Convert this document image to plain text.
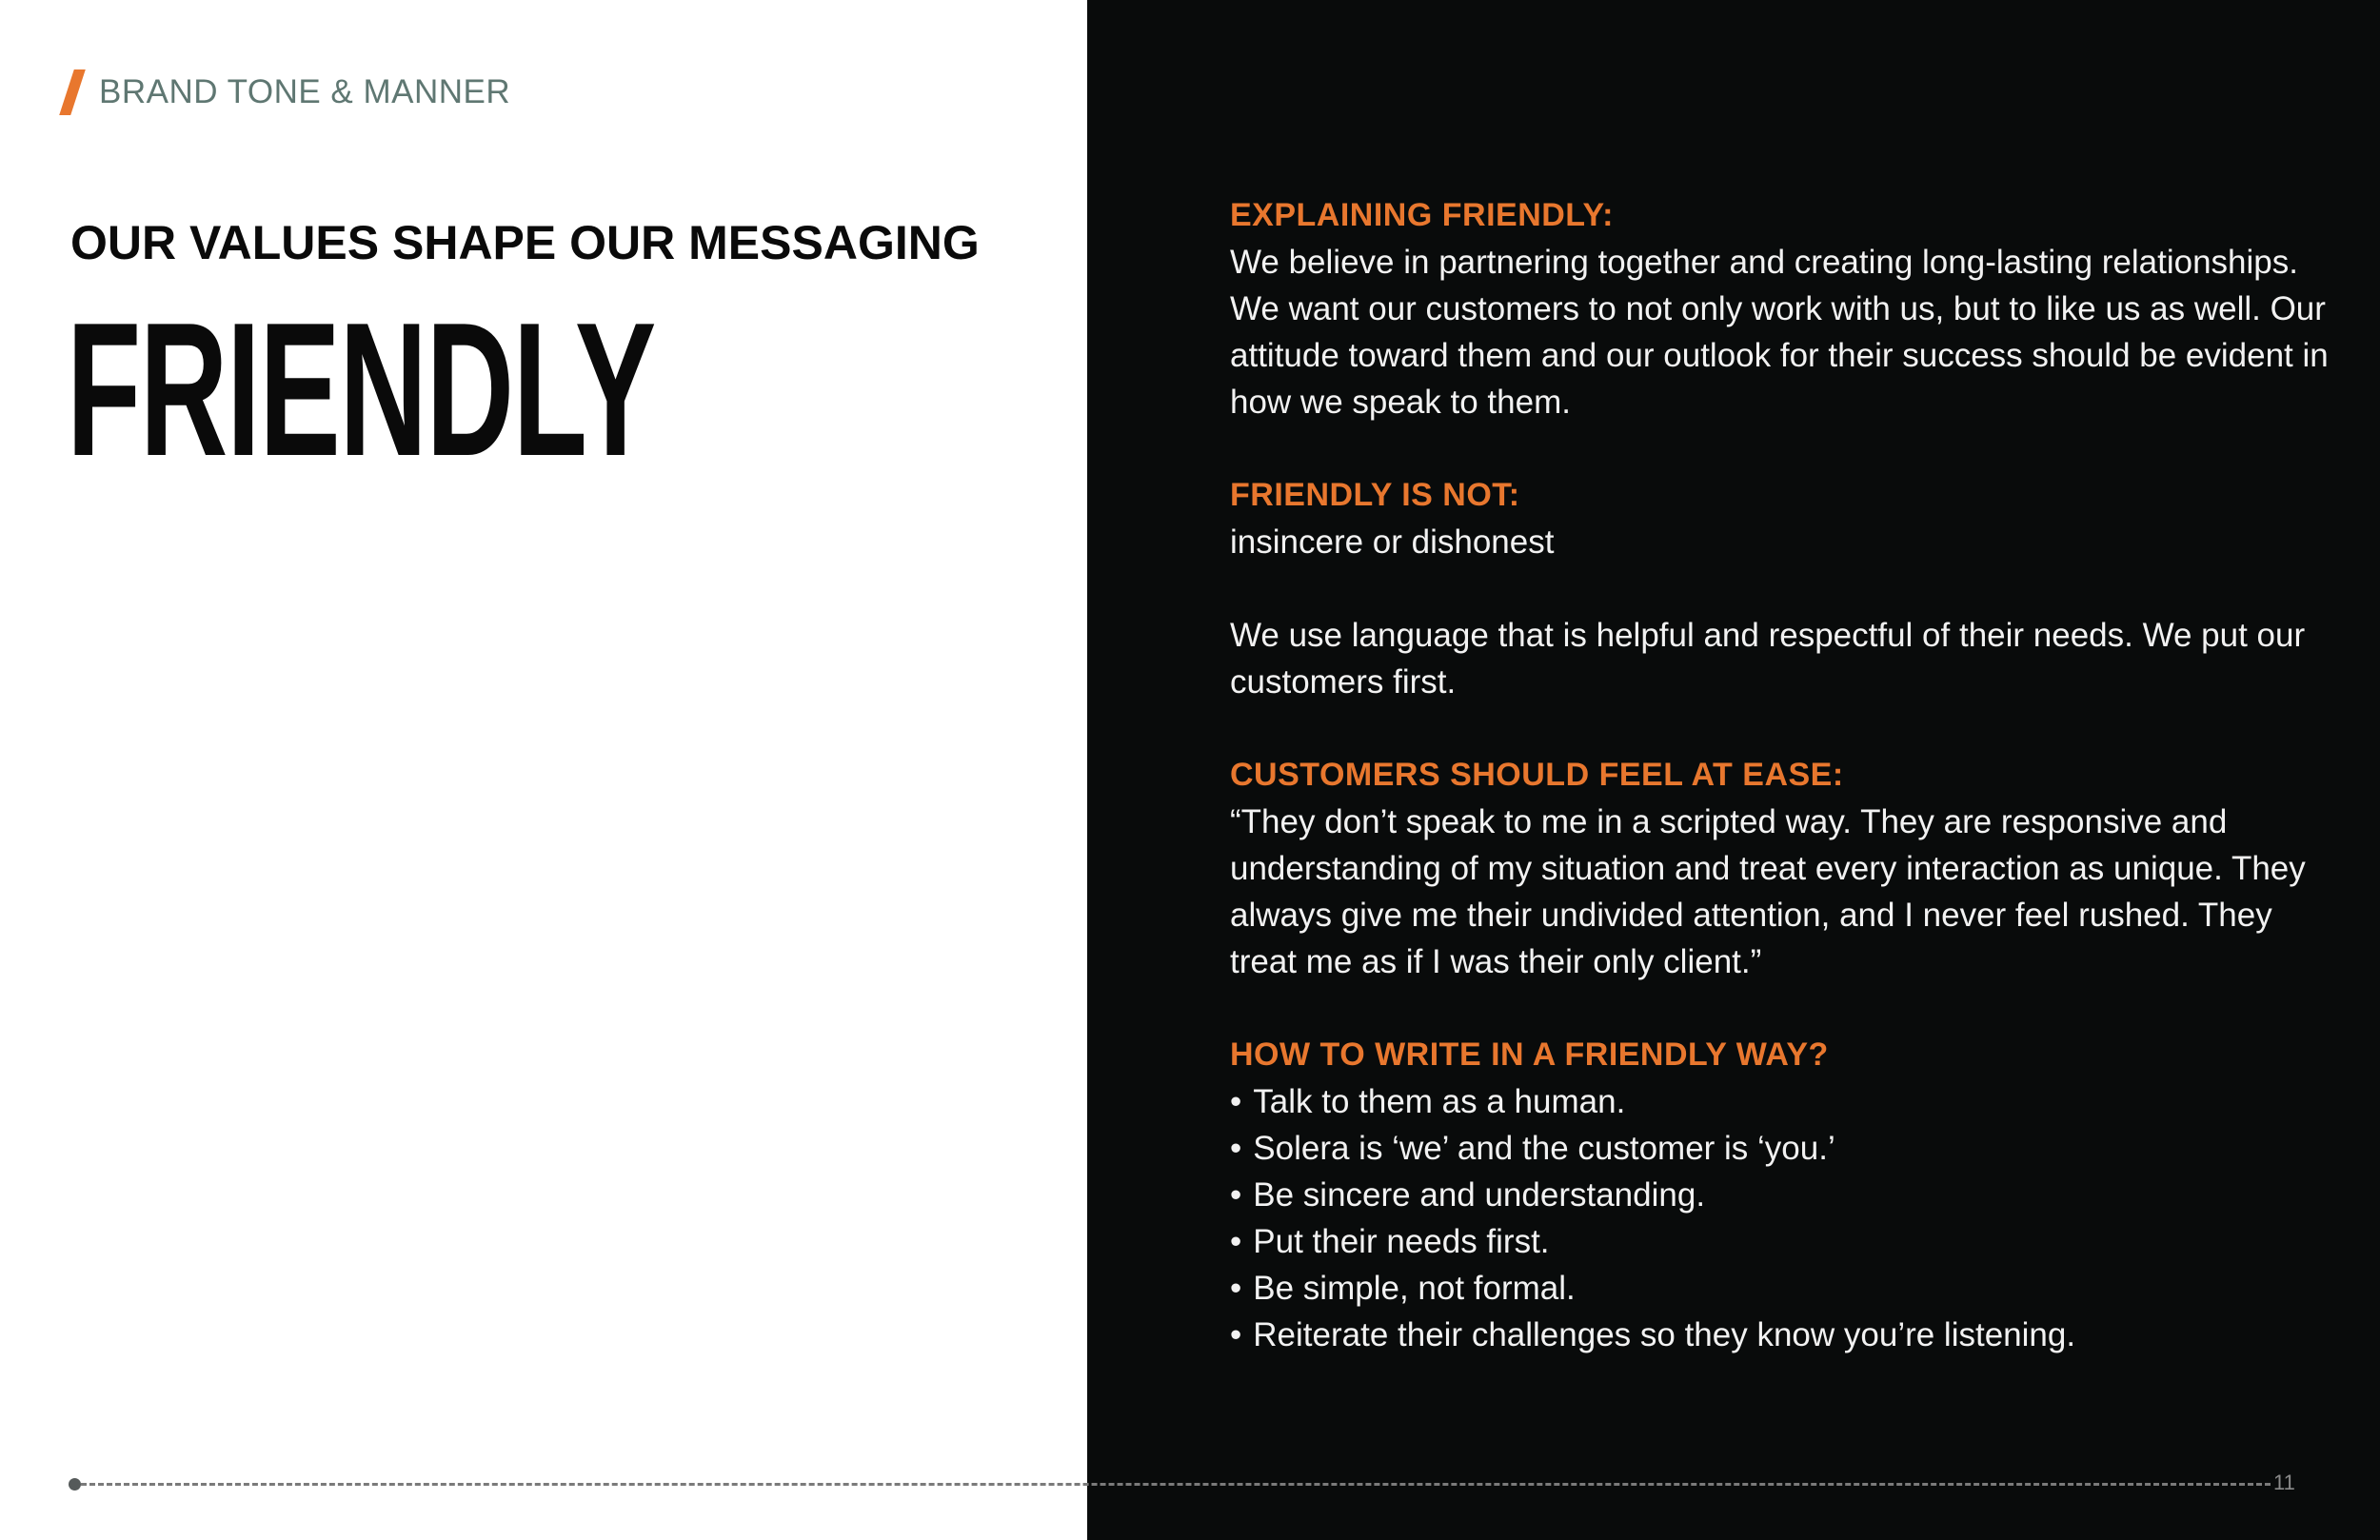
BRAND TONE & MANNER
OUR VALUES SHAPE OUR MESSAGING
FRIENDLY
EXPLAINING FRIENDLY:

We believe in partnering together and creating long-lasting relationships. We want our customers to not only work with us, but to like us as well. Our attitude toward them and our outlook for their success should be evident in how we speak to them.

FRIENDLY IS NOT:

insincere or dishonest

We use language that is helpful and respectful of their needs. We put our customers first.

CUSTOMERS SHOULD FEEL AT EASE:

“They don’t speak to me in a scripted way. They are responsive and understanding of my situation and treat every interaction as unique. They always give me their undivided attention, and I never feel rushed. They treat me as if I was their only client.”

HOW TO WRITE IN A FRIENDLY WAY?
• Talk to them as a human.
• Solera is ‘we’ and the customer is ‘you.’
• Be sincere and understanding.
• Put their needs first.
• Be simple, not formal.
• Reiterate their challenges so they know you’re listening.
11
